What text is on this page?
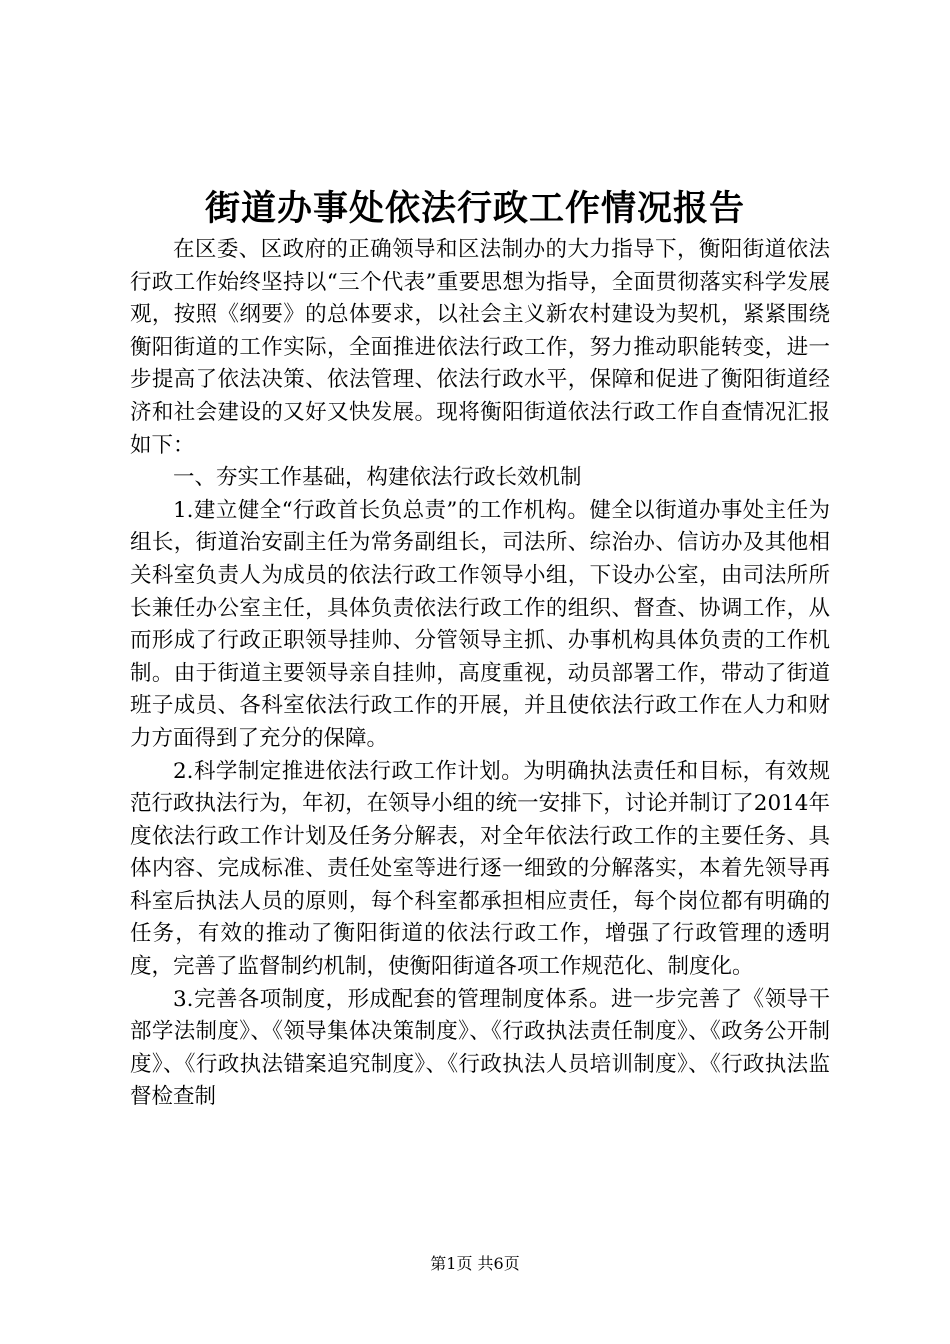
街道办事处依法行政工作情况报告

在区委、区政府的正确领导和区法制办的大力指导下，衡阳街道依法行政工作始终坚持以“三个代表”重要思想为指导，全面贯彻落实科学发展观，按照《纲要》的总体要求，以社会主义新农村建设为契机，紧紧围绕衡阳街道的工作实际，全面推进依法行政工作，努力推动职能转变，进一步提高了依法决策、依法管理、依法行政水平，保障和促进了衡阳街道经济和社会建设的又好又快发展。现将衡阳街道依法行政工作自查情况汇报如下：

一、夯实工作基础，构建依法行政长效机制

1.建立健全“行政首长负总责”的工作机构。健全以街道办事处主任为组长，街道治安副主任为常务副组长，司法所、综治办、信访办及其他相关科室负责人为成员的依法行政工作领导小组，下设办公室，由司法所所长兼任办公室主任，具体负责依法行政工作的组织、督查、协调工作，从而形成了行政正职领导挂帅、分管领导主抓、办事机构具体负责的工作机制。由于街道主要领导亲自挂帅，高度重视，动员部署工作，带动了街道班子成员、各科室依法行政工作的开展，并且使依法行政工作在人力和财力方面得到了充分的保障。

2.科学制定推进依法行政工作计划。为明确执法责任和目标，有效规范行政执法行为，年初，在领导小组的统一安排下，讨论并制订了2014年度依法行政工作计划及任务分解表，对全年依法行政工作的主要任务、具体内容、完成标准、责任处室等进行逐一细致的分解落实，本着先领导再科室后执法人员的原则，每个科室都承担相应责任，每个岗位都有明确的任务，有效的推动了衡阳街道的依法行政工作，增强了行政管理的透明度，完善了监督制约机制，使衡阳街道各项工作规范化、制度化。

3.完善各项制度，形成配套的管理制度体系。进一步完善了《领导干部学法制度》、《领导集体决策制度》、《行政执法责任制度》、《政务公开制度》、《行政执法错案追究制度》、《行政执法人员培训制度》、《行政执法监督检查制

第1页 共6页
